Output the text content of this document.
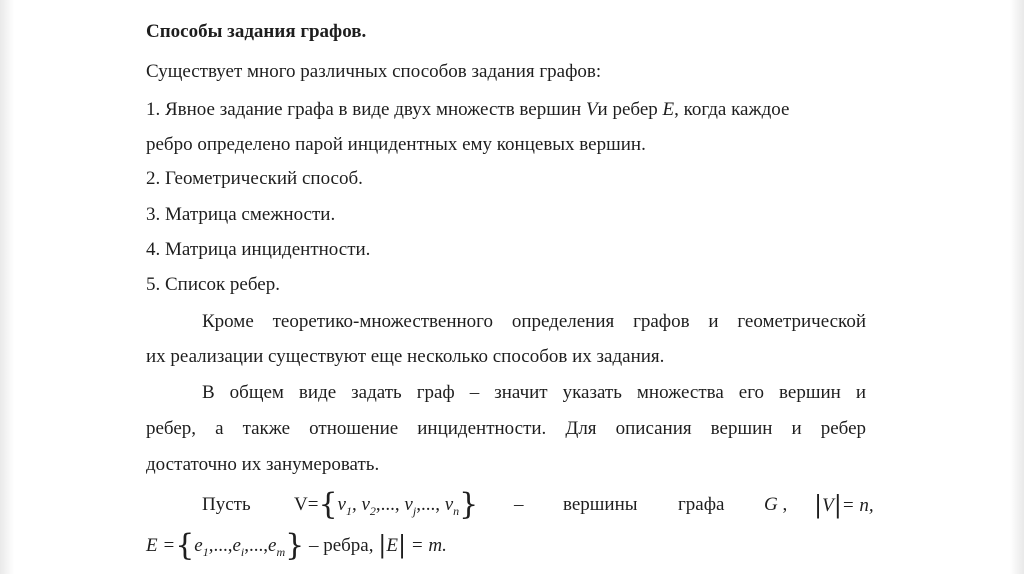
Способы задания графов.
Существует много различных способов задания графов:
1. Явное задание графа в виде двух множеств вершин Vи ребер E, когда каждое
ребро определено парой инцидентных ему концевых вершин.
2. Геометрический способ.
3. Матрица смежности.
4. Матрица инцидентности.
5. Список ребер.
Кроме теоретико-множественного определения графов и геометрической
их реализации существуют еще несколько способов их задания.
В общем виде задать граф – значит указать множества его вершин и
ребер, а также отношение инцидентности. Для описания вершин и ребер
достаточно их занумеровать.
Пусть $V=\{v_1$, $v_2$,..., $v_j$,..., $v_n$} – вершины графа G , |V|= n,
$E =\{e_1,...,e_i,...,e_m\}$ – ребра, |E| = m.
